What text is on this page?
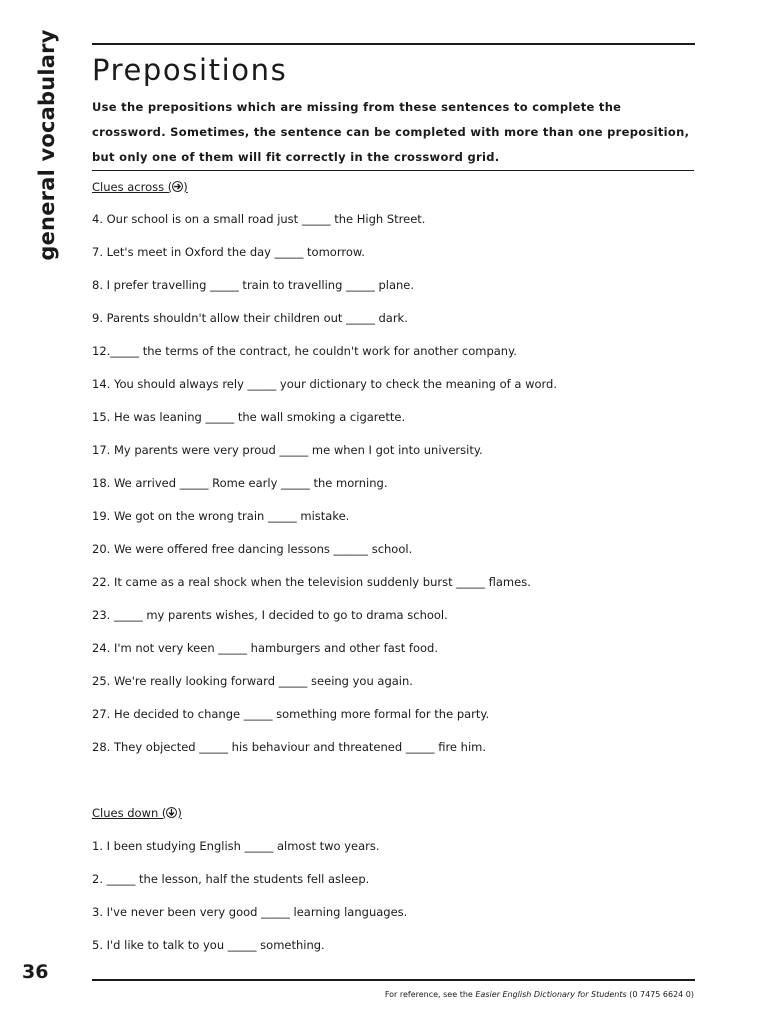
general vocabulary
36
Prepositions

Use the prepositions which are missing from these sentences to complete the crossword. Sometimes, the sentence can be completed with more than one preposition, but only one of them will fit correctly in the crossword grid.

Clues across ( )
4. Our school is on a small road just _____ the High Street.
7. Let's meet in Oxford the day _____ tomorrow.
8. I prefer travelling _____ train to travelling _____ plane.
9. Parents shouldn't allow their children out _____ dark.
12._____ the terms of the contract, he couldn't work for another company.
14. You should always rely _____ your dictionary to check the meaning of a word.
15. He was leaning _____ the wall smoking a cigarette.
17. My parents were very proud _____ me when I got into university.
18. We arrived _____ Rome early _____ the morning.
19. We got on the wrong train _____ mistake.
20. We were offered free dancing lessons ______ school.
22. It came as a real shock when the television suddenly burst _____ flames.
23. _____ my parents wishes, I decided to go to drama school.
24. I'm not very keen _____ hamburgers and other fast food.
25. We're really looking forward _____ seeing you again.
27. He decided to change _____ something more formal for the party.
28. They objected _____ his behaviour and threatened _____ fire him.
Clues down ( )
1. I been studying English _____ almost two years.
2. _____ the lesson, half the students fell asleep.
3. I've never been very good _____ learning languages.
5. I'd like to talk to you _____ something.
For reference, see the Easier English Dictionary for Students (0 7475 6624 0)
